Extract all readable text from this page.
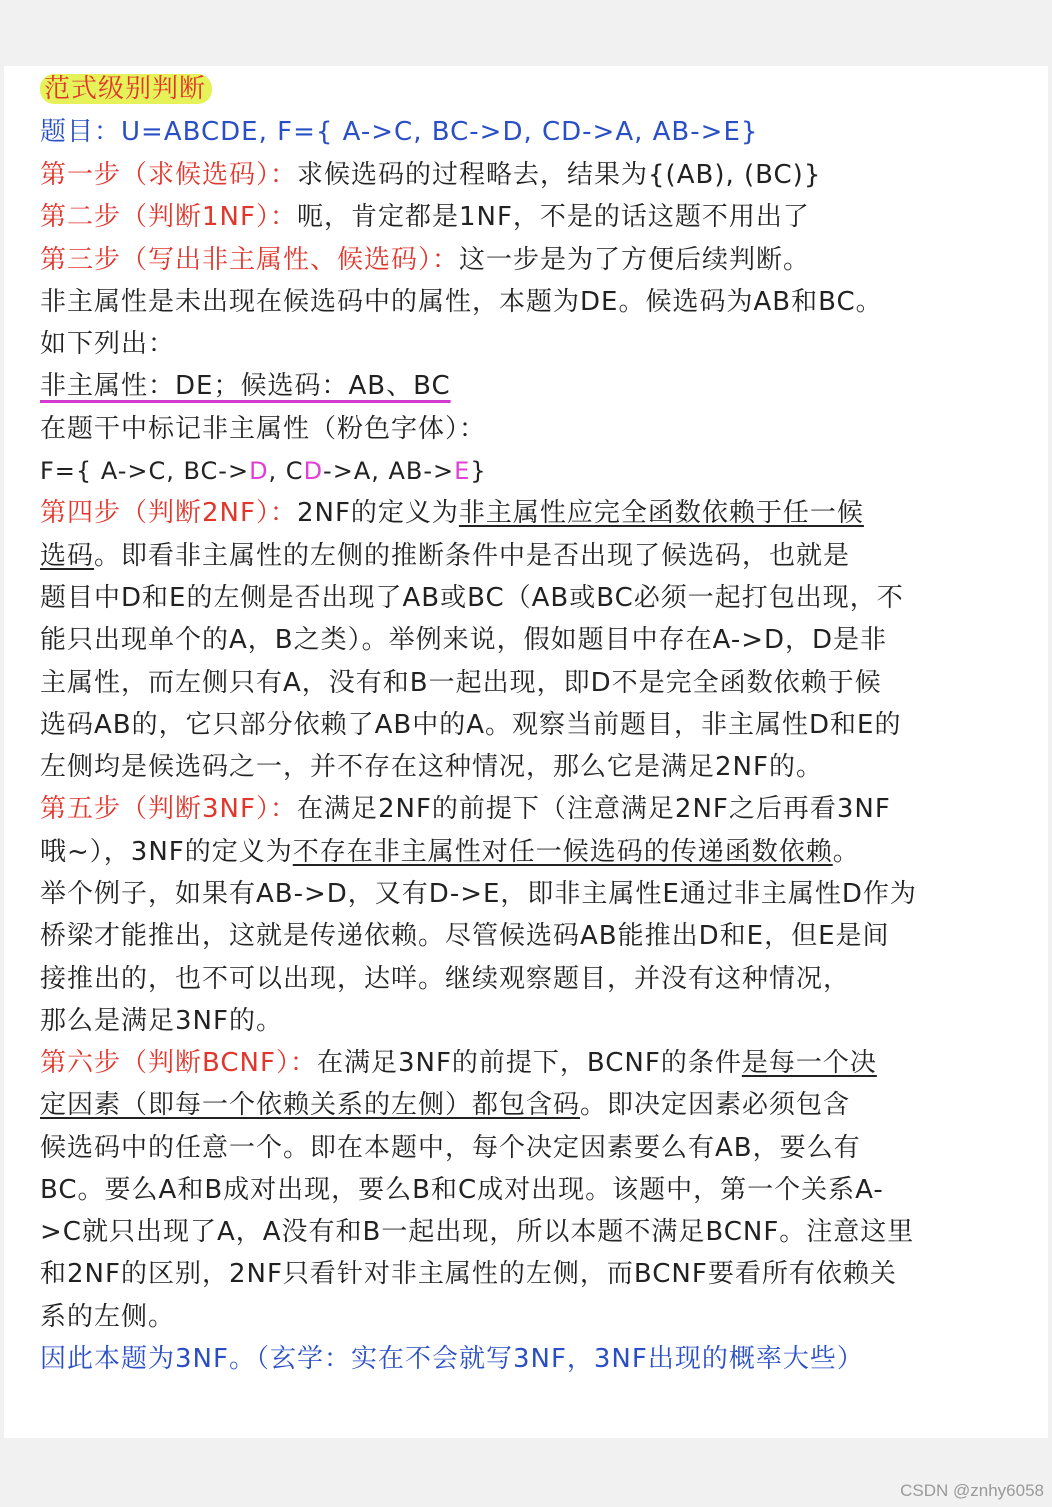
范式级别判断
题目：U=ABCDE, F={ A->C, BC->D, CD->A, AB->E}
第一步（求候选码）：求候选码的过程略去，结果为{(AB), (BC)}
第二步（判断1NF）：呃，肯定都是1NF，不是的话这题不用出了
第三步（写出非主属性、候选码）：这一步是为了方便后续判断。
非主属性是未出现在候选码中的属性，本题为DE。候选码为AB和BC。
如下列出：
非主属性：DE；候选码：AB、BC
在题干中标记非主属性（粉色字体）：
F={ A->C, BC->D, CD->A, AB->E}
第四步（判断2NF）：2NF的定义为非主属性应完全函数依赖于任一候
选码。即看非主属性的左侧的推断条件中是否出现了候选码，也就是
题目中D和E的左侧是否出现了AB或BC（AB或BC必须一起打包出现，不
能只出现单个的A，B之类）。举例来说，假如题目中存在A->D，D是非
主属性，而左侧只有A，没有和B一起出现，即D不是完全函数依赖于候
选码AB的，它只部分依赖了AB中的A。观察当前题目，非主属性D和E的
左侧均是候选码之一，并不存在这种情况，那么它是满足2NF的。
第五步（判断3NF）：在满足2NF的前提下（注意满足2NF之后再看3NF
哦~），3NF的定义为不存在非主属性对任一候选码的传递函数依赖。
举个例子，如果有AB->D，又有D->E，即非主属性E通过非主属性D作为
桥梁才能推出，这就是传递依赖。尽管候选码AB能推出D和E，但E是间
接推出的，也不可以出现，达咩。继续观察题目，并没有这种情况，
那么是满足3NF的。
第六步（判断BCNF）：在满足3NF的前提下，BCNF的条件是每一个决
定因素（即每一个依赖关系的左侧）都包含码。即决定因素必须包含
候选码中的任意一个。即在本题中，每个决定因素要么有AB，要么有
BC。要么A和B成对出现，要么B和C成对出现。该题中，第一个关系A-
>C就只出现了A，A没有和B一起出现，所以本题不满足BCNF。注意这里
和2NF的区别，2NF只看针对非主属性的左侧，而BCNF要看所有依赖关
系的左侧。
因此本题为3NF。（玄学：实在不会就写3NF，3NF出现的概率大些）
CSDN @znhy6058
